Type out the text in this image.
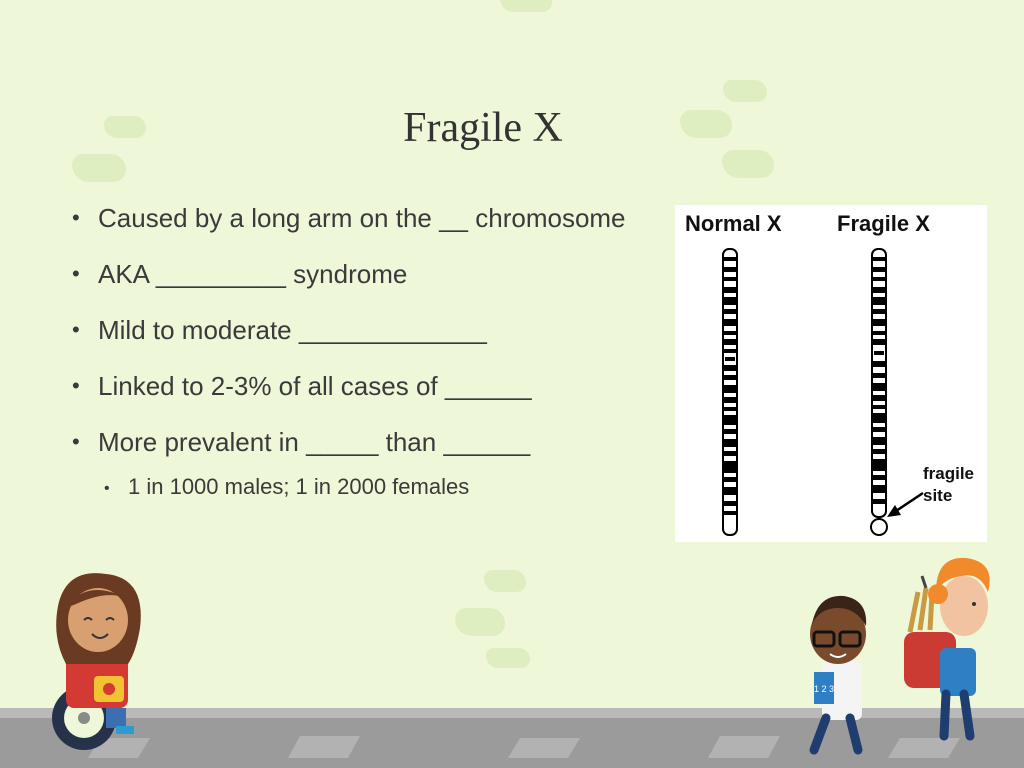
Fragile X
• Caused by a long arm on the __ chromosome
• AKA _________ syndrome
• Mild to moderate _____________
• Linked to 2-3% of all cases of ______
• More prevalent in _____ than ______
• 1 in 1000 males; 1 in 2000 females
Normal X	Fragile X
fragile
site
1 2 3
